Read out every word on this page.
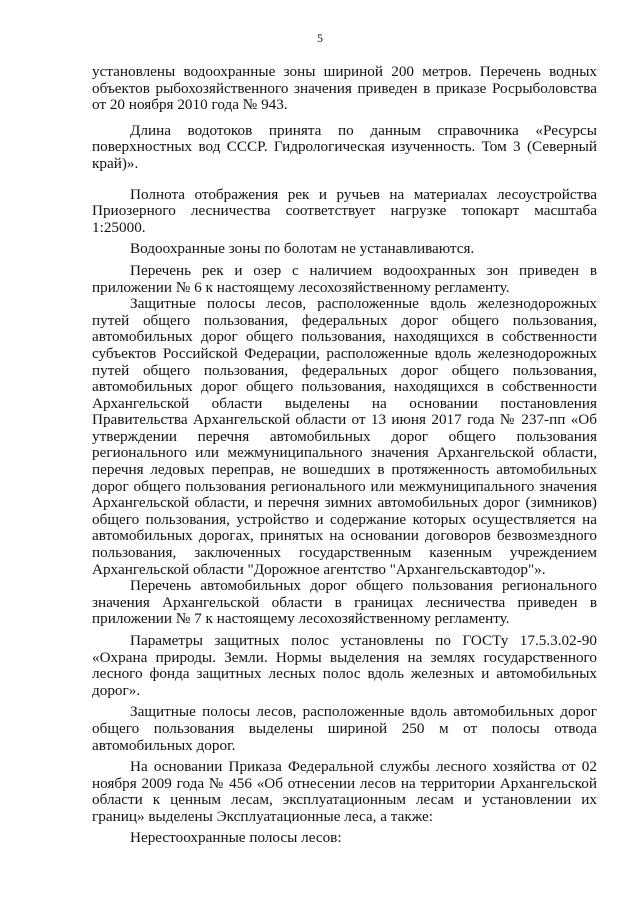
5

установлены водоохранные зоны шириной 200 метров. Перечень водных объектов рыбохозяйственного значения приведен в приказе Росрыболовства от 20 ноября 2010 года № 943.

Длина водотоков принята по данным справочника «Ресурсы поверхностных вод СССР. Гидрологическая изученность. Том 3 (Северный край)».

Полнота отображения рек и ручьев на материалах лесоустройства Приозерного лесничества соответствует нагрузке топокарт масштаба 1:25000.

Водоохранные зоны по болотам не устанавливаются.

Перечень рек и озер с наличием водоохранных зон приведен в приложении № 6 к настоящему лесохозяйственному регламенту.

Защитные полосы лесов, расположенные вдоль железнодорожных путей общего пользования, федеральных дорог общего пользования, автомобильных дорог общего пользования, находящихся в собственности субъектов Российской Федерации, расположенные вдоль железнодорожных путей общего пользования, федеральных дорог общего пользования, автомобильных дорог общего пользования, находящихся в собственности Архангельской области выделены на основании постановления Правительства Архангельской области от 13 июня 2017 года № 237-пп «Об утверждении перечня автомобильных дорог общего пользования регионального или межмуниципального значения Архангельской области, перечня ледовых переправ, не вошедших в протяженность автомобильных дорог общего пользования регионального или межмуниципального значения Архангельской области, и перечня зимних автомобильных дорог (зимников) общего пользования, устройство и содержание которых осуществляется на автомобильных дорогах, принятых на основании договоров безвозмездного пользования, заключенных государственным казенным учреждением Архангельской области "Дорожное агентство "Архангельскавтодор"».

Перечень автомобильных дорог общего пользования регионального значения Архангельской области в границах лесничества приведен в приложении № 7 к настоящему лесохозяйственному регламенту.

Параметры защитных полос установлены по ГОСТу 17.5.3.02-90 «Охрана природы. Земли. Нормы выделения на землях государственного лесного фонда защитных лесных полос вдоль железных и автомобильных дорог».

Защитные полосы лесов, расположенные вдоль автомобильных дорог общего пользования выделены шириной 250 м от полосы отвода автомобильных дорог.

На основании Приказа Федеральной службы лесного хозяйства от 02 ноября 2009 года № 456 «Об отнесении лесов на территории Архангельской области к ценным лесам, эксплуатационным лесам и установлении их границ» выделены Эксплуатационные леса, а также:

Нерестоохранные полосы лесов:
